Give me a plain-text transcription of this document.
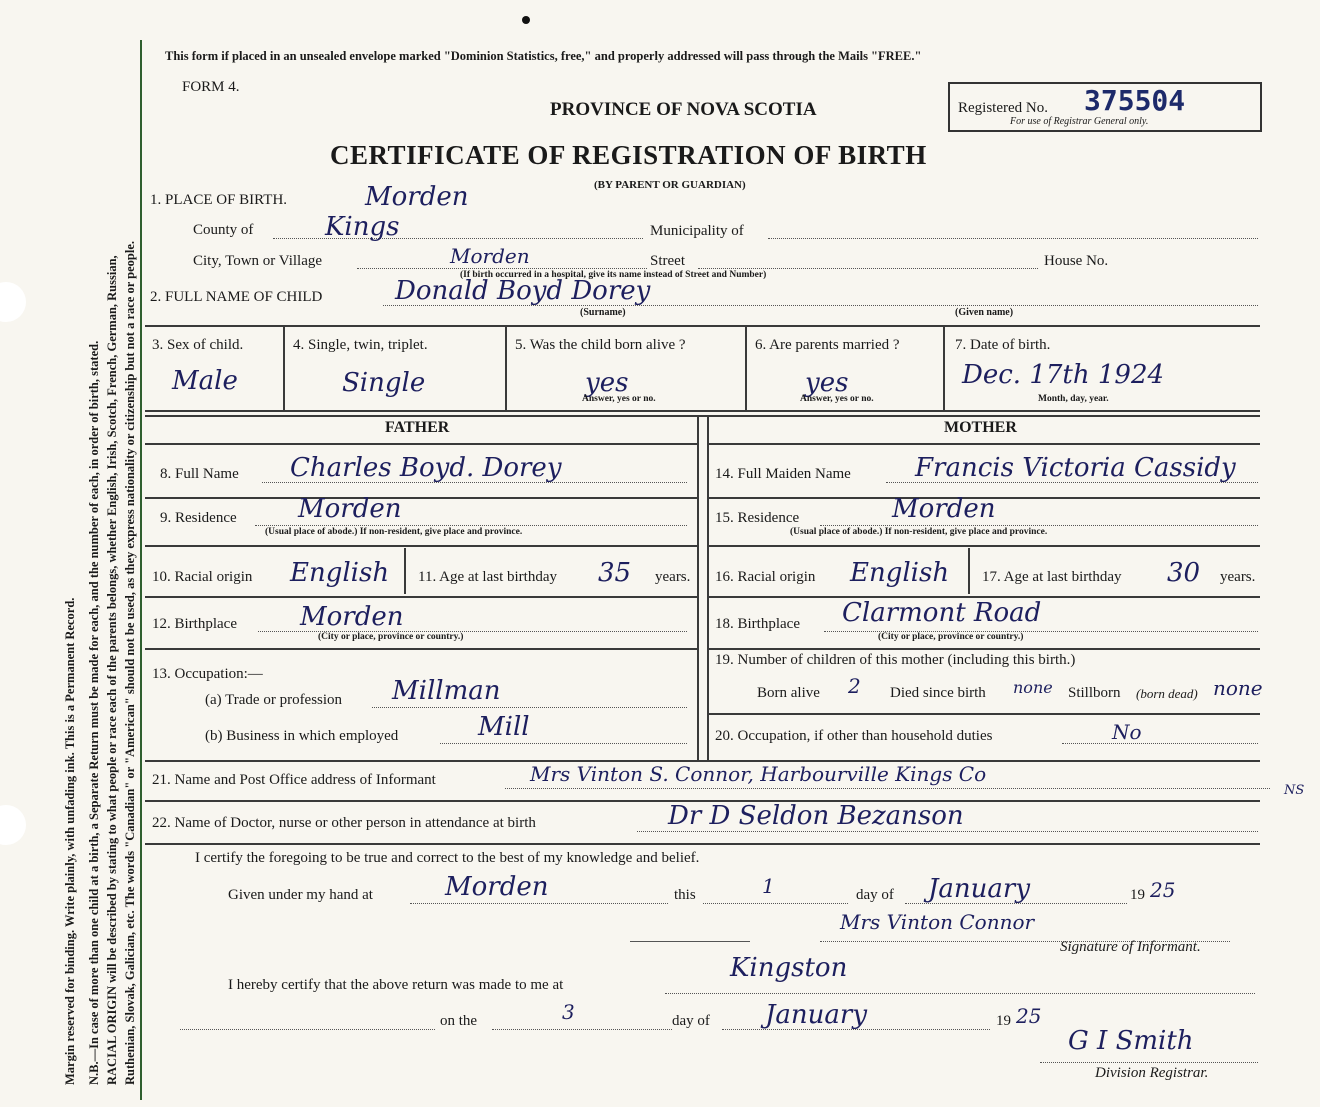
Margin reserved for binding. Write plainly, with unfading ink. This is a Permanent Record. N.B.—In case of more than one child at a birth, a Separate Return must be made for each, and the number of each, in order of birth, stated. RACIAL ORIGIN will be described by stating to what people or race each of the parents belongs, whether English, Irish, Scotch, French, German, Russian, Ruthenian, Slovak, Galician, etc. The words "Canadian" or "American" should not be used, as they express nationality or citizenship but not a race or people.
This form if placed in an unsealed envelope marked "Dominion Statistics, free," and properly addressed will pass through the Mails "FREE."
FORM 4.
PROVINCE OF NOVA SCOTIA
CERTIFICATE OF REGISTRATION OF BIRTH
(BY PARENT OR GUARDIAN)
Registered No. 375504
For use of Registrar General only.
1. PLACE OF BIRTH.	Morden
County of	Kings	Municipality of
City, Town or Village	Morden	Street	House No.
(If birth occurred in a hospital, give its name instead of Street and Number)
2. FULL NAME OF CHILD	Donald Boyd Dorey
(Surname)	(Given name)
3. Sex of child.
Male
4. Single, twin, triplet.
Single
5. Was the child born alive ?
yes
Answer, yes or no.
6. Are parents married ?
yes
Answer, yes or no.
7. Date of birth.
Dec. 17th 1924
Month, day, year.
FATHER
8. Full Name Charles Boyd. Dorey
9. Residence Morden
(Usual place of abode.) If non-resident, give place and province.
10. Racial origin English 11. Age at last birthday 35 years.
12. Birthplace Morden
(City or place, province or country.)
13. Occupation:—
(a) Trade or profession Millman
(b) Business in which employed	Mill
MOTHER
14. Full Maiden Name Francis Victoria Cassidy
15. Residence	Morden
(Usual place of abode.) If non-resident, give place and province.
16. Racial origin English 17. Age at last birthday 30 years.
18. Birthplace Clarmont Road
(City or place, province or country.)
19. Number of children of this mother (including this birth.)
Born alive 2 Died since birth none Stillborn (born dead) none
20. Occupation, if other than household duties	No
21. Name and Post Office address of Informant	Mrs Vinton S. Connor, Harbourville Kings Co
NS
22. Name of Doctor, nurse or other person in attendance at birth	Dr D Seldon Bezanson
I certify the foregoing to be true and correct to the best of my knowledge and belief.
Given under my hand at	Morden	this	1	day of January	19 25
Mrs Vinton Connor
Signature of Informant.
I hereby certify that the above return was made to me at
Kingston
on the	3	day of January	19 25
G I Smith
Division Registrar.
